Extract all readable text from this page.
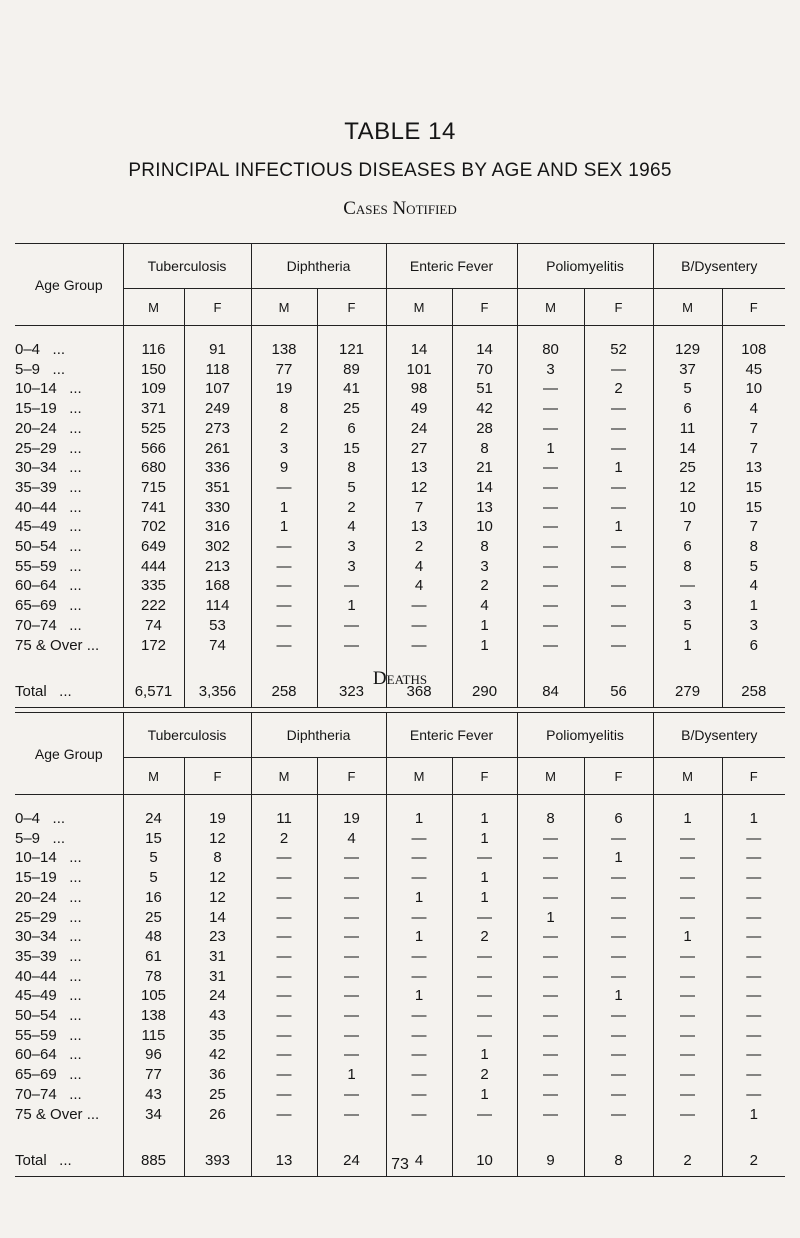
TABLE 14
PRINCIPAL INFECTIOUS DISEASES BY AGE AND SEX 1965
Cases Notified
Age Group	Tuberculosis		Diphtheria		Enteric Fever		Poliomyelitis		B/Dysentery	
	M	F	M	F	M	F	M	F	M	F

0–4   ...	116	91	138	121	14	14	80	52	129	108
5–9   ...	150	118	77	89	101	70	3	—	37	45
10–14   ...	109	107	19	41	98	51	—	2	5	10
15–19   ...	371	249	8	25	49	42	—	—	6	4
20–24   ...	525	273	2	6	24	28	—	—	11	7
25–29   ...	566	261	3	15	27	8	1	—	14	7
30–34   ...	680	336	9	8	13	21	—	1	25	13
35–39   ...	715	351	—	5	12	14	—	—	12	15
40–44   ...	741	330	1	2	7	13	—	—	10	15
45–49   ...	702	316	1	4	13	10	—	1	7	7
50–54   ...	649	302	—	3	2	8	—	—	6	8
55–59   ...	444	213	—	3	4	3	—	—	8	5
60–64   ...	335	168	—	—	4	2	—	—	—	4
65–69   ...	222	114	—	1	—	4	—	—	3	1
70–74   ...	74	53	—	—	—	1	—	—	5	3
75 & Over ...	172	74	—	—	—	1	—	—	1	6

Total   ...	6,571	3,356	258	323	368	290	84	56	279	258
Deaths
Age Group	Tuberculosis		Diphtheria		Enteric Fever		Poliomyelitis		B/Dysentery	
	M	F	M	F	M	F	M	F	M	F

0–4   ...	24	19	11	19	1	1	8	6	1	1
5–9   ...	15	12	2	4	—	1	—	—	—	—
10–14   ...	5	8	—	—	—	—	—	1	—	—
15–19   ...	5	12	—	—	—	1	—	—	—	—
20–24   ...	16	12	—	—	1	1	—	—	—	—
25–29   ...	25	14	—	—	—	—	1	—	—	—
30–34   ...	48	23	—	—	1	2	—	—	1	—
35–39   ...	61	31	—	—	—	—	—	—	—	—
40–44   ...	78	31	—	—	—	—	—	—	—	—
45–49   ...	105	24	—	—	1	—	—	1	—	—
50–54   ...	138	43	—	—	—	—	—	—	—	—
55–59   ...	115	35	—	—	—	—	—	—	—	—
60–64   ...	96	42	—	—	—	1	—	—	—	—
65–69   ...	77	36	—	1	—	2	—	—	—	—
70–74   ...	43	25	—	—	—	1	—	—	—	—
75 & Over ...	34	26	—	—	—	—	—	—	—	1

Total   ...	885	393	13	24	4	10	9	8	2	2
73
